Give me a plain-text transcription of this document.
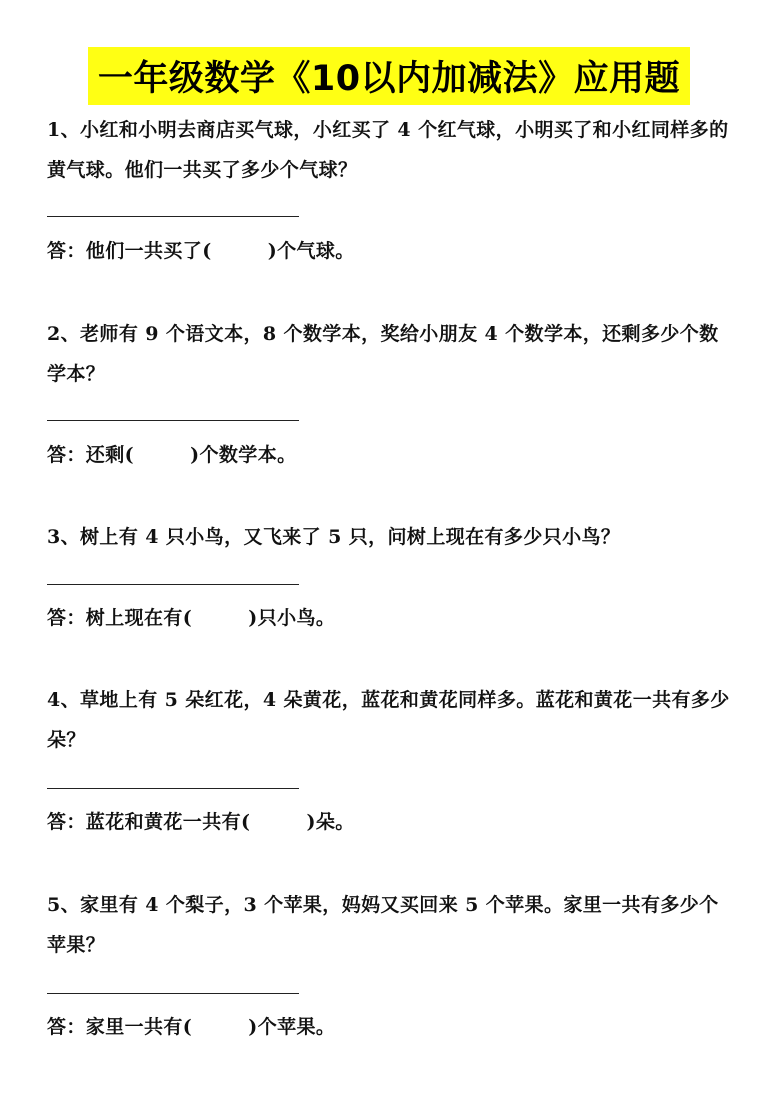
一年级数学《10以内加减法》应用题
1、小红和小明去商店买气球，小红买了 4 个红气球，小明买了和小红同样多的黄气球。他们一共买了多少个气球？
答：他们一共买了(        )个气球。
2、老师有 9 个语文本，8 个数学本，奖给小朋友 4 个数学本，还剩多少个数学本？
答：还剩(        )个数学本。
3、树上有 4 只小鸟，又飞来了 5 只，问树上现在有多少只小鸟？
答：树上现在有(        )只小鸟。
4、草地上有 5 朵红花，4 朵黄花，蓝花和黄花同样多。蓝花和黄花一共有多少朵？
答：蓝花和黄花一共有(        )朵。
5、家里有 4 个梨子，3 个苹果，妈妈又买回来 5 个苹果。家里一共有多少个苹果？
答：家里一共有(        )个苹果。
